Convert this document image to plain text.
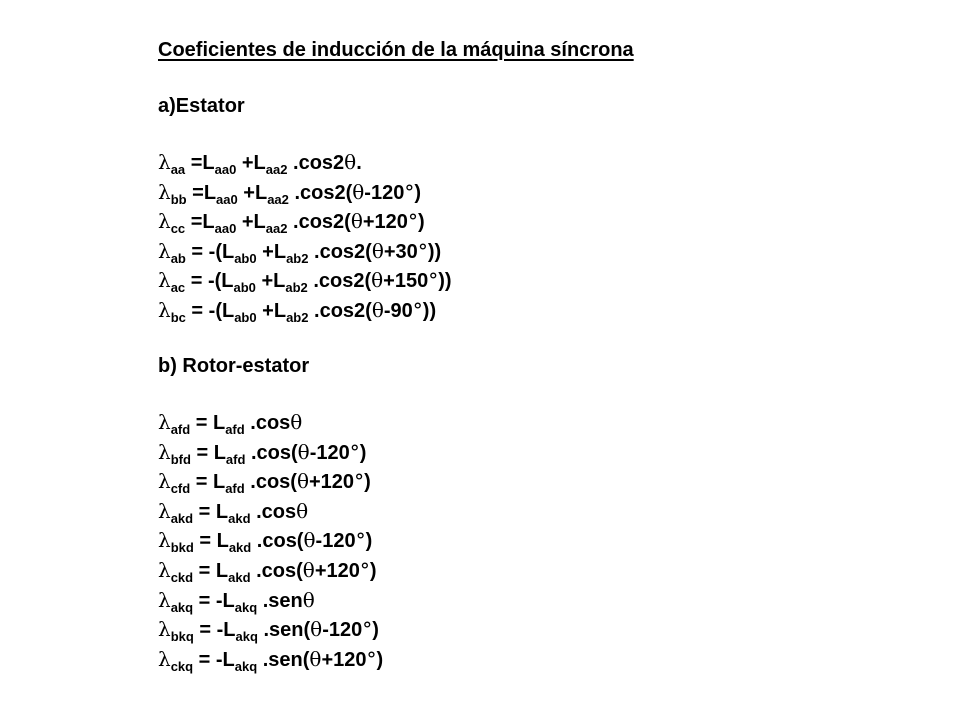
Coeficientes de inducción de la máquina síncrona
a)Estator
$\lambda_{aa} =L_{aa0} +L_{aa2}$ .cos2θ.
$\lambda_{bb} =L_{aa0} +L_{aa2}$ .cos2(θ-120°)
$\lambda_{cc} =L_{aa0} +L_{aa2}$ .cos2(θ+120°)
$\lambda_{ab} = -(L_{ab0} +L_{ab2}$ .cos2(θ+30°))
$\lambda_{ac} = -(L_{ab0} +L_{ab2}$ .cos2(θ+150°))
$\lambda_{bc} = -(L_{ab0} +L_{ab2}$ .cos2(θ-90°))
b) Rotor-estator
$\lambda_{afd} = L_{afd}$ .cosθ
$\lambda_{bfd} = L_{afd}$ .cos(θ-120°)
$\lambda_{cfd} = L_{afd}$ .cos(θ+120°)
$\lambda_{akd} = L_{akd}$ .cosθ
$\lambda_{bkd} = L_{akd}$ .cos(θ-120°)
$\lambda_{ckd} = L_{akd}$ .cos(θ+120°)
$\lambda_{akq} = -L_{akq}$ .senθ
$\lambda_{bkq} = -L_{akq}$ .sen(θ-120°)
$\lambda_{ckq} = -L_{akq}$ .sen(θ+120°)
